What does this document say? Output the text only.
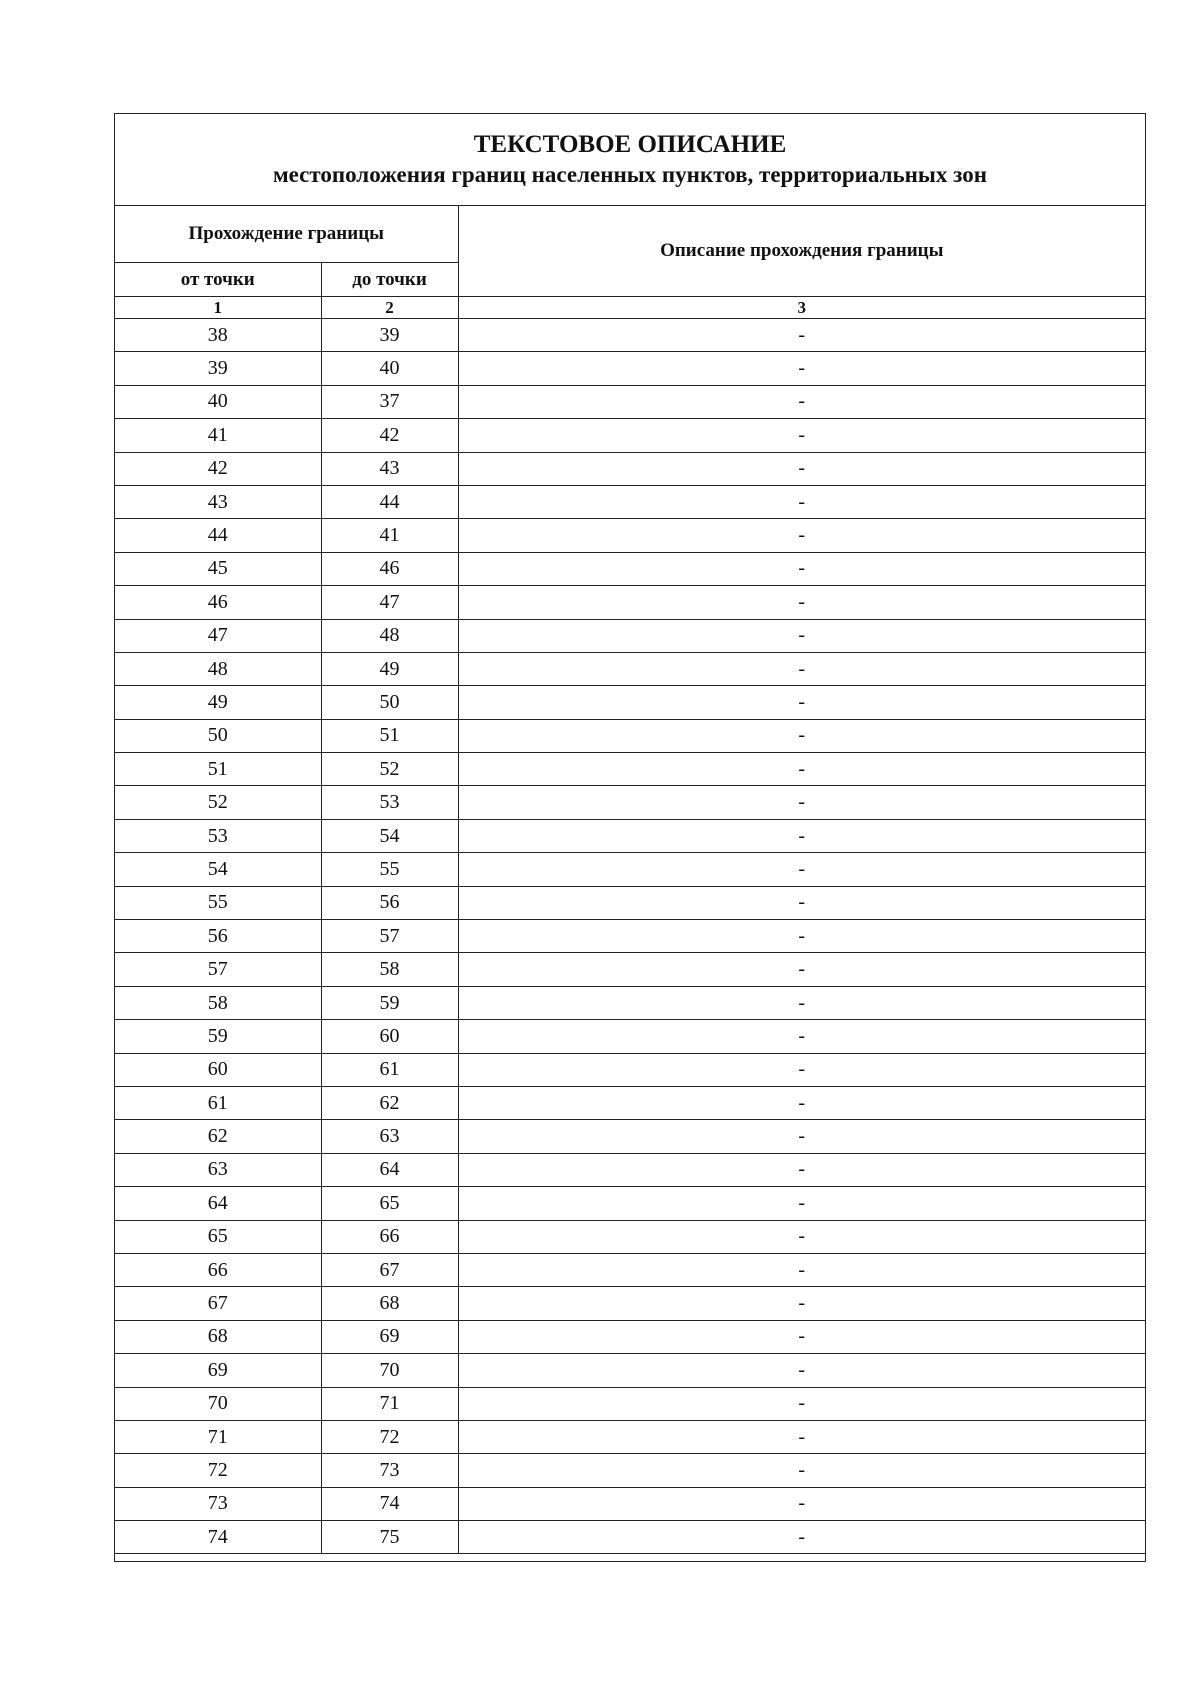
ТЕКСТОВОЕ ОПИСАНИЕ
местоположения границ населенных пунктов, территориальных зон
Прохождение границы		Описание прохождения границы
от точки	до точки	
1	2	3
38	39	-
39	40	-
40	37	-
41	42	-
42	43	-
43	44	-
44	41	-
45	46	-
46	47	-
47	48	-
48	49	-
49	50	-
50	51	-
51	52	-
52	53	-
53	54	-
54	55	-
55	56	-
56	57	-
57	58	-
58	59	-
59	60	-
60	61	-
61	62	-
62	63	-
63	64	-
64	65	-
65	66	-
66	67	-
67	68	-
68	69	-
69	70	-
70	71	-
71	72	-
72	73	-
73	74	-
74	75	-
